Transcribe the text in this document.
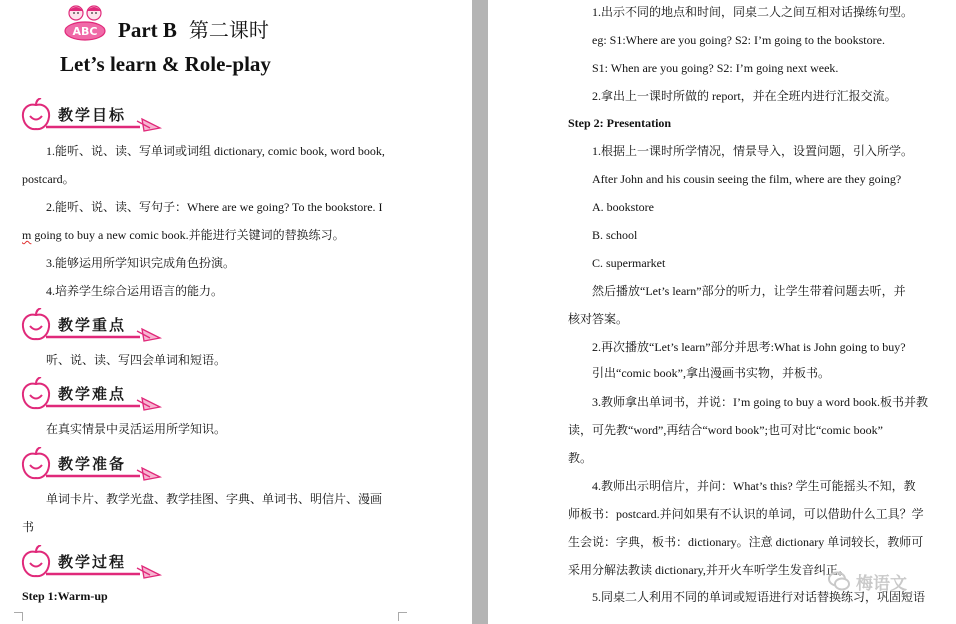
ABC Part B 第二课时
Let’s learn & Role-play
教学目标
1.能听、说、读、写单词或词组 dictionary, comic book, word book,
postcard。
2.能听、说、读、写句子：Where are we going? To the bookstore. I
m going to buy a new comic book.并能进行关键词的替换练习。
3.能够运用所学知识完成角色扮演。
4.培养学生综合运用语言的能力。
教学重点
听、说、读、写四会单词和短语。
教学难点
在真实情景中灵活运用所学知识。
教学准备
单词卡片、教学光盘、教学挂图、字典、单词书、明信片、漫画
书
教学过程
Step 1:Warm-up
1.出示不同的地点和时间，同桌二人之间互相对话操练句型。
eg: S1:Where are you going? S2: I’m going to the bookstore.
S1: When are you going? S2: I’m going next week.
2.拿出上一课时所做的 report，并在全班内进行汇报交流。
Step 2: Presentation
1.根据上一课时所学情况，情景导入，设置问题，引入所学。
After John and his cousin seeing the film, where are they going?
A. bookstore
B. school
C. supermarket
然后播放“Let’s learn”部分的听力，让学生带着问题去听，并
核对答案。
2.再次播放“Let’s learn”部分并思考:What is John going to buy?
引出“comic book”,拿出漫画书实物，并板书。
3.教师拿出单词书，并说：I’m going to buy a word book.板书并教
读，可先教“word”,再结合“word book”;也可对比“comic book”
教。
4.教师出示明信片，并问：What’s this? 学生可能摇头不知，教
师板书：postcard.并问如果有不认识的单词，可以借助什么工具？学
生会说：字典，板书：dictionary。注意 dictionary 单词较长，教师可
采用分解法教读 dictionary,并开火车听学生发音纠正。
5.同桌二人利用不同的单词或短语进行对话替换练习，巩固短语
梅语文
